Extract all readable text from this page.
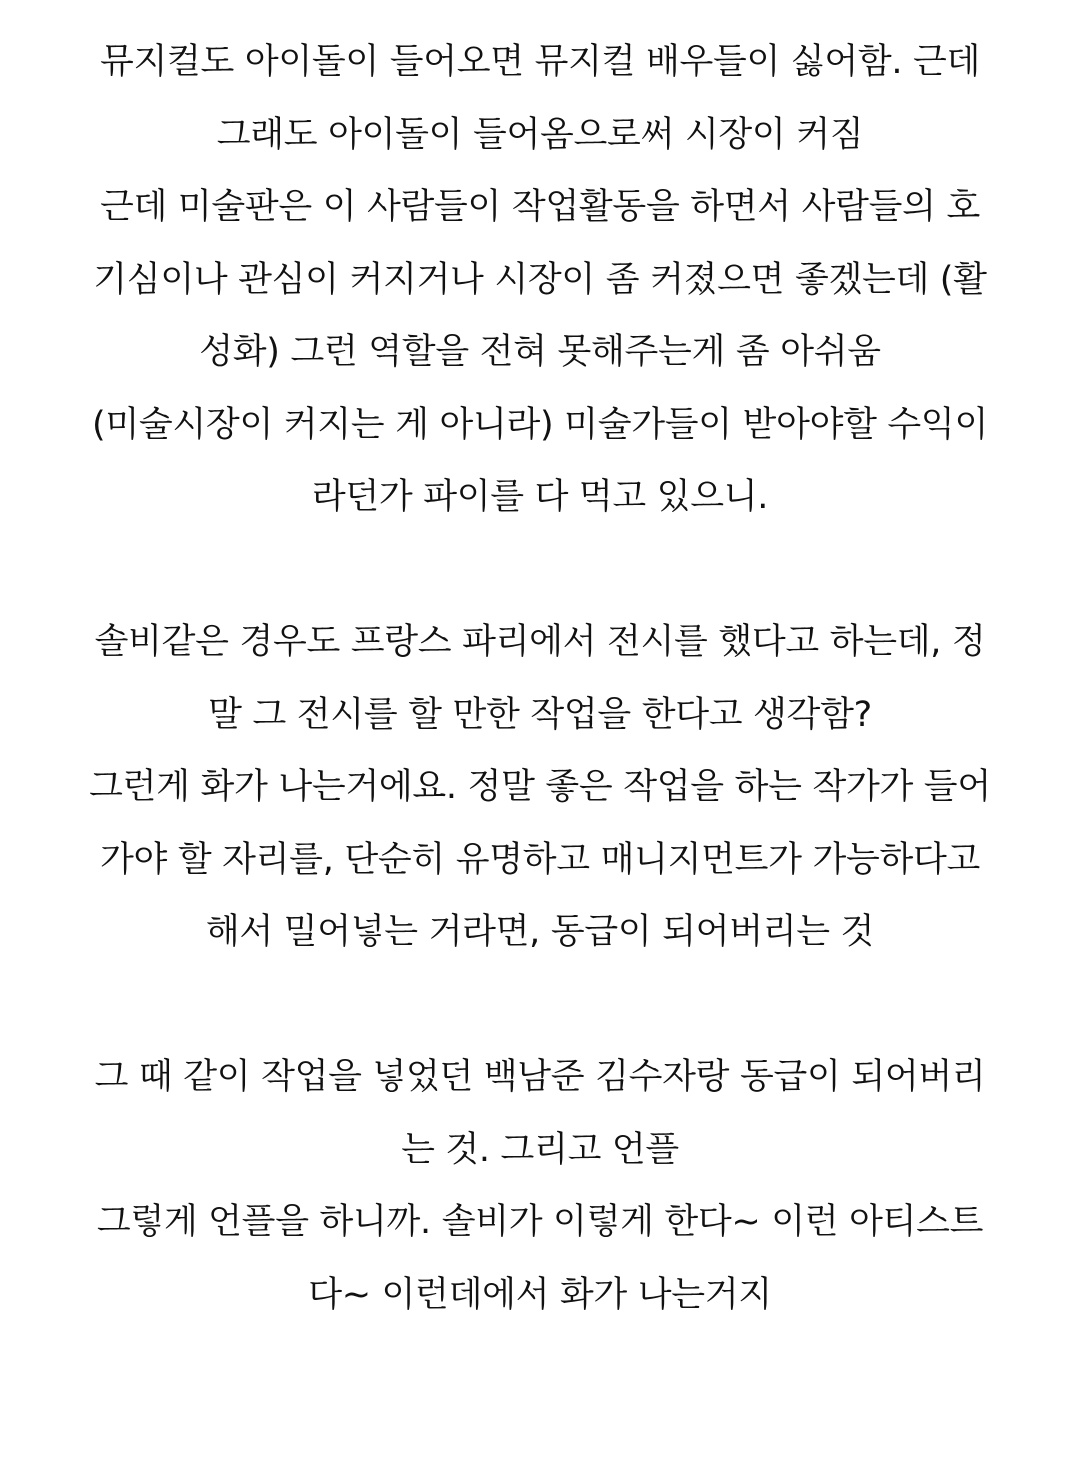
뮤지컬도 아이돌이 들어오면 뮤지컬 배우들이 싫어함. 근데
그래도 아이돌이 들어옴으로써 시장이 커짐
근데 미술판은 이 사람들이 작업활동을 하면서 사람들의 호
기심이나 관심이 커지거나 시장이 좀 커졌으면 좋겠는데 (활
성화) 그런 역할을 전혀 못해주는게 좀 아쉬움
(미술시장이 커지는 게 아니라) 미술가들이 받아야할 수익이
라던가 파이를 다 먹고 있으니.
솔비같은 경우도 프랑스 파리에서 전시를 했다고 하는데, 정
말 그 전시를 할 만한 작업을 한다고 생각함?
그런게 화가 나는거에요. 정말 좋은 작업을 하는 작가가 들어
가야 할 자리를, 단순히 유명하고 매니지먼트가 가능하다고
해서 밀어넣는 거라면, 동급이 되어버리는 것
그 때 같이 작업을 넣었던 백남준 김수자랑 동급이 되어버리
는 것. 그리고 언플
그렇게 언플을 하니까. 솔비가 이렇게 한다~ 이런 아티스트
다~ 이런데에서 화가 나는거지
